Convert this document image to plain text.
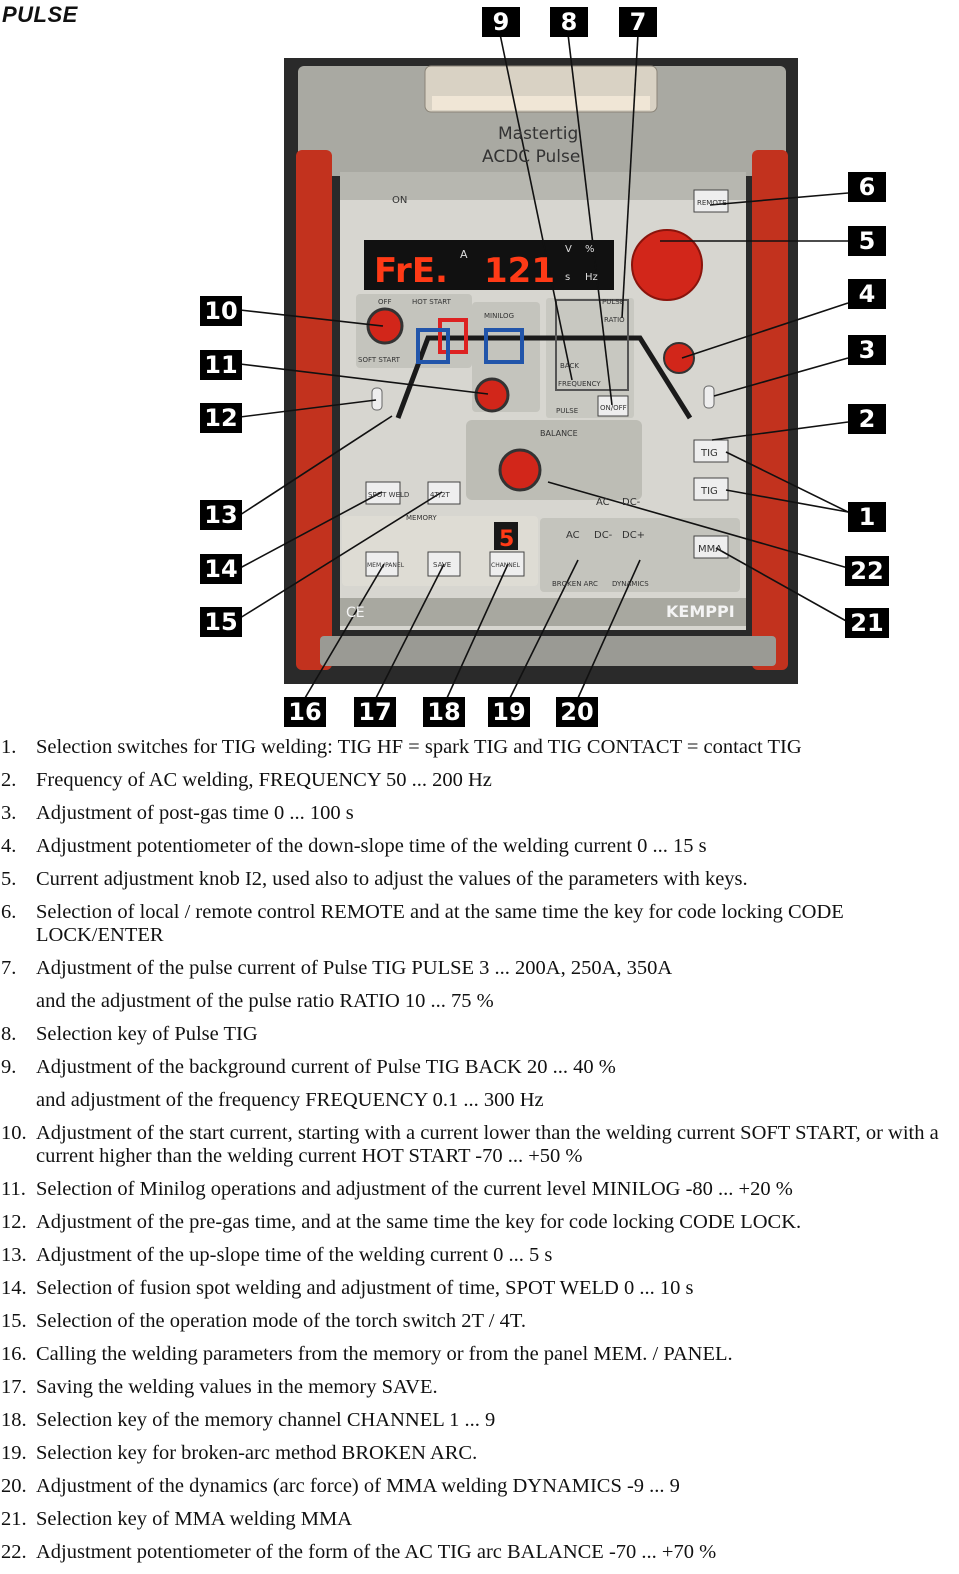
PULSE
Mastertig
ACDC Pulse
ON
FrE. A 121
V %
s Hz
OFF	HOT START
SOFT START
MINILOG
BACK
FREQUENCY
PULSE
RATIO
PULSE	ON/OFF
BALANCE
REMOTE
TIG
TIG
SPOT WELD	4T/2T
MEMORY
MEM./PANEL	SAVE	CHANNEL
5	AC DC- DC+
AC DC-
MMA
BROKEN ARC DYNAMICS
KEMPPI
CE
9	8	7
6
5
4
3
2
1
22
21
10
11
12
13
14
15
16 17 18 19 20
1. Selection switches for TIG welding: TIG HF = spark TIG and TIG CONTACT = contact TIG
2. Frequency of AC welding, FREQUENCY 50 ... 200 Hz
3. Adjustment of post-gas time 0 ... 100 s
4. Adjustment potentiometer of the down-slope time of the welding current 0 ... 15 s
5. Current adjustment knob I2, used also to adjust the values of the parameters with keys.
6. Selection of local / remote control REMOTE and at the same time the key for code locking CODE LOCK/ENTER
7. Adjustment of the pulse current of Pulse TIG PULSE 3 ... 200A, 250A, 350A
and the adjustment of the pulse ratio RATIO 10 ... 75 %
8. Selection key of Pulse TIG
9. Adjustment of the background current of Pulse TIG BACK 20 ... 40 %
and adjustment of the frequency FREQUENCY 0.1 ... 300 Hz
10. Adjustment of the start current, starting with a current lower than the welding current SOFT START, or with a current higher than the welding current HOT START -70 ... +50 %
11. Selection of Minilog operations and adjustment of the current level MINILOG -80 ... +20 %
12. Adjustment of the pre-gas time, and at the same time the key for code locking CODE LOCK.
13. Adjustment of the up-slope time of the welding current 0 ... 5 s
14. Selection of fusion spot welding and adjustment of time, SPOT WELD 0 ... 10 s
15. Selection of the operation mode of the torch switch 2T / 4T.
16. Calling the welding parameters from the memory or from the panel MEM. / PANEL.
17. Saving the welding values in the memory SAVE.
18. Selection key of the memory channel CHANNEL 1 ... 9
19. Selection key for broken-arc method BROKEN ARC.
20. Adjustment of the dynamics (arc force) of MMA welding DYNAMICS -9 ... 9
21. Selection key of MMA welding MMA
22. Adjustment potentiometer of the form of the AC TIG arc BALANCE -70 ... +70 %
